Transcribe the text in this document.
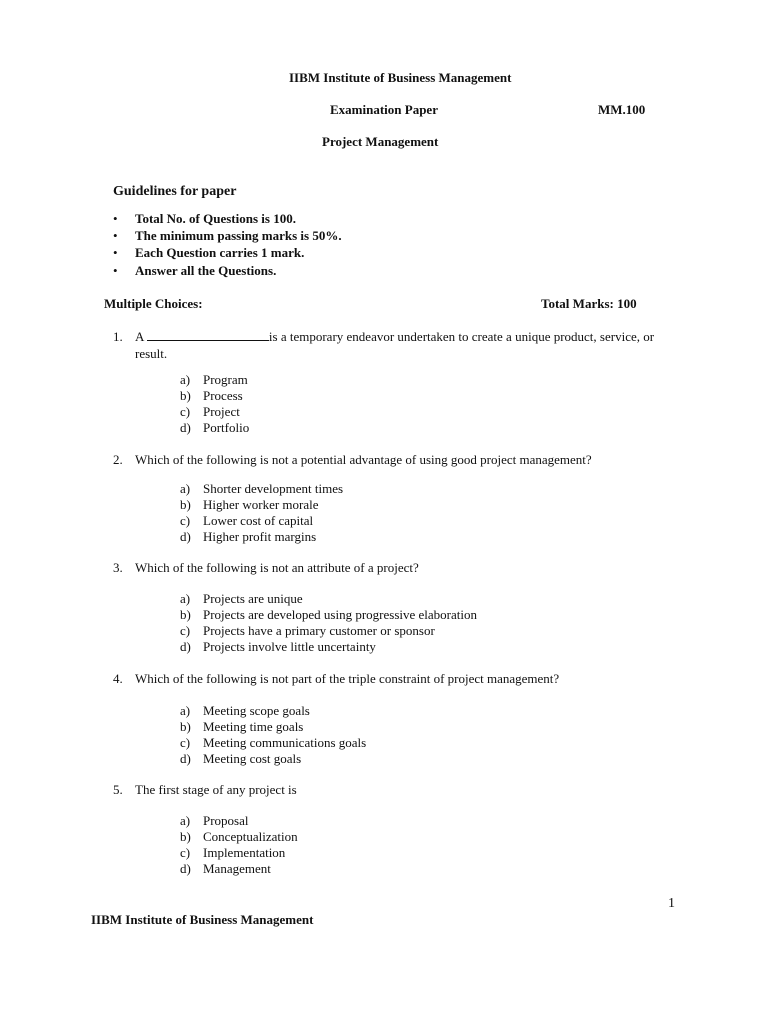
IIBM Institute of Business Management
Examination Paper	MM.100
Project Management
Guidelines for paper
• Total No. of Questions is 100.
• The minimum passing marks is 50%.
• Each Question carries 1 mark.
• Answer all the Questions.
Multiple Choices:	Total Marks: 100
1. A	is a temporary endeavor undertaken to create a unique product, service, or
result.
a) Program
b) Process
c) Project
d) Portfolio
2. Which of the following is not a potential advantage of using good project management?
a) Shorter development times
b) Higher worker morale
c) Lower cost of capital
d) Higher profit margins
3. Which of the following is not an attribute of a project?
a) Projects are unique
b) Projects are developed using progressive elaboration
c) Projects have a primary customer or sponsor
d) Projects involve little uncertainty
4. Which of the following is not part of the triple constraint of project management?
a) Meeting scope goals
b) Meeting time goals
c) Meeting communications goals
d) Meeting cost goals
5. The first stage of any project is
a) Proposal
b) Conceptualization
c) Implementation
d) Management
1
IIBM Institute of Business Management
